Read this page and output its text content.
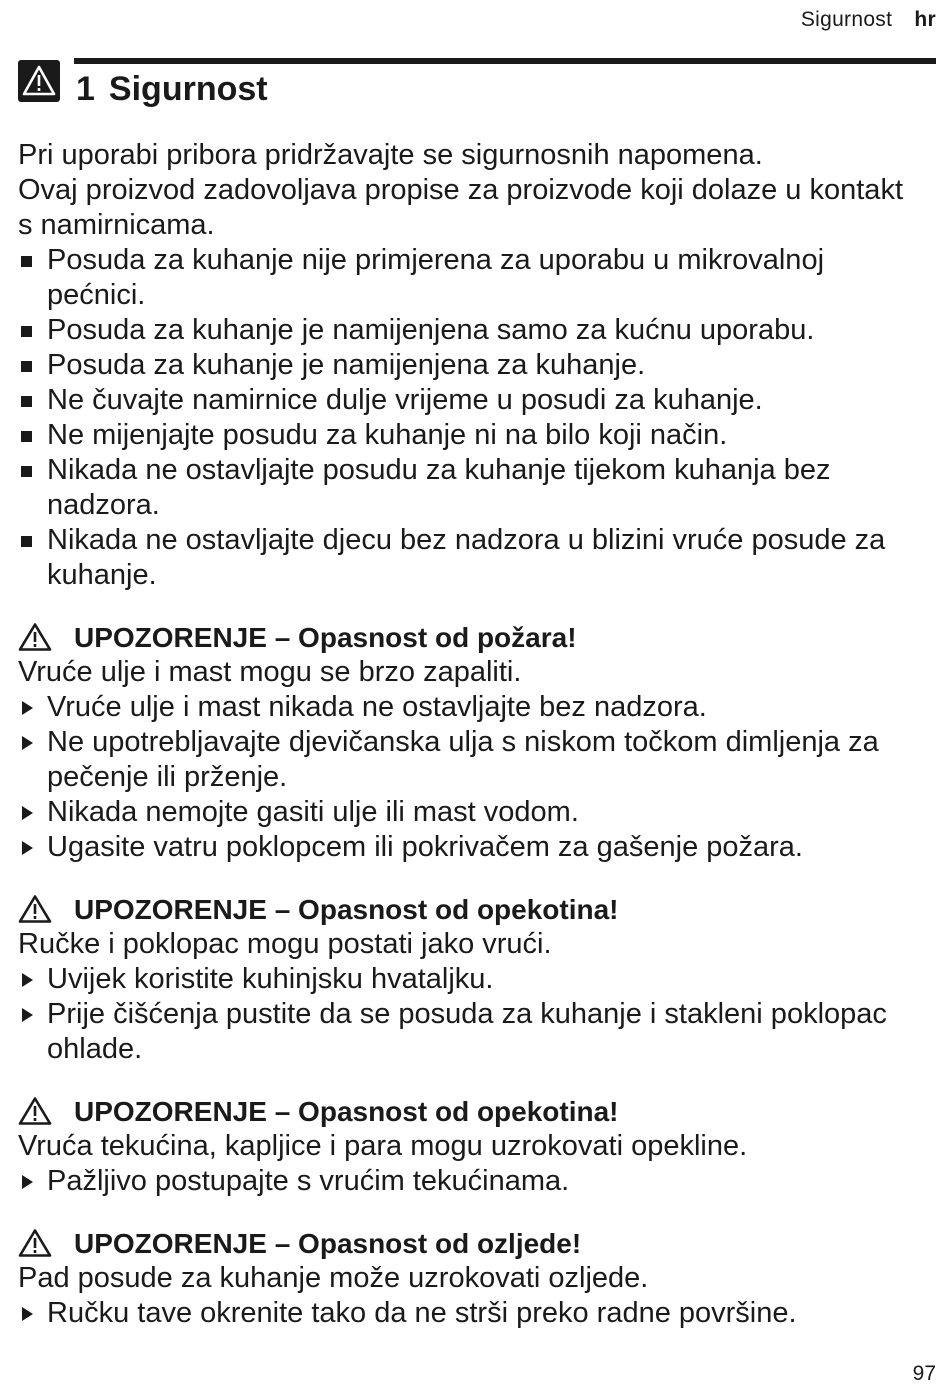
Sigurnost hr
1 Sigurnost

Pri uporabi pribora pridržavajte se sigurnosnih napomena.

Ovaj proizvod zadovoljava propise za proizvode koji dolaze u kontakt s namirnicama.

Posuda za kuhanje nije primjerena za uporabu u mikrovalnoj pećnici.
Posuda za kuhanje je namijenjena samo za kućnu uporabu.
Posuda za kuhanje je namijenjena za kuhanje.
Ne čuvajte namirnice dulje vrijeme u posudi za kuhanje.
Ne mijenjajte posudu za kuhanje ni na bilo koji način.
Nikada ne ostavljajte posudu za kuhanje tijekom kuhanja bez nadzora.
Nikada ne ostavljajte djecu bez nadzora u blizini vruće posude za kuhanje.
UPOZORENJE – Opasnost od požara!

Vruće ulje i mast mogu se brzo zapaliti.

Vruće ulje i mast nikada ne ostavljajte bez nadzora.
Ne upotrebljavajte djevičanska ulja s niskom točkom dimljenja za pečenje ili prženje.
Nikada nemojte gasiti ulje ili mast vodom.
Ugasite vatru poklopcem ili pokrivačem za gašenje požara.
UPOZORENJE – Opasnost od opekotina!

Ručke i poklopac mogu postati jako vrući.

Uvijek koristite kuhinjsku hvataljku.
Prije čišćenja pustite da se posuda za kuhanje i stakleni poklopac ohlade.
UPOZORENJE – Opasnost od opekotina!

Vruća tekućina, kapljice i para mogu uzrokovati opekline.

Pažljivo postupajte s vrućim tekućinama.
UPOZORENJE – Opasnost od ozljede!

Pad posude za kuhanje može uzrokovati ozljede.

Ručku tave okrenite tako da ne strši preko radne površine.
97
